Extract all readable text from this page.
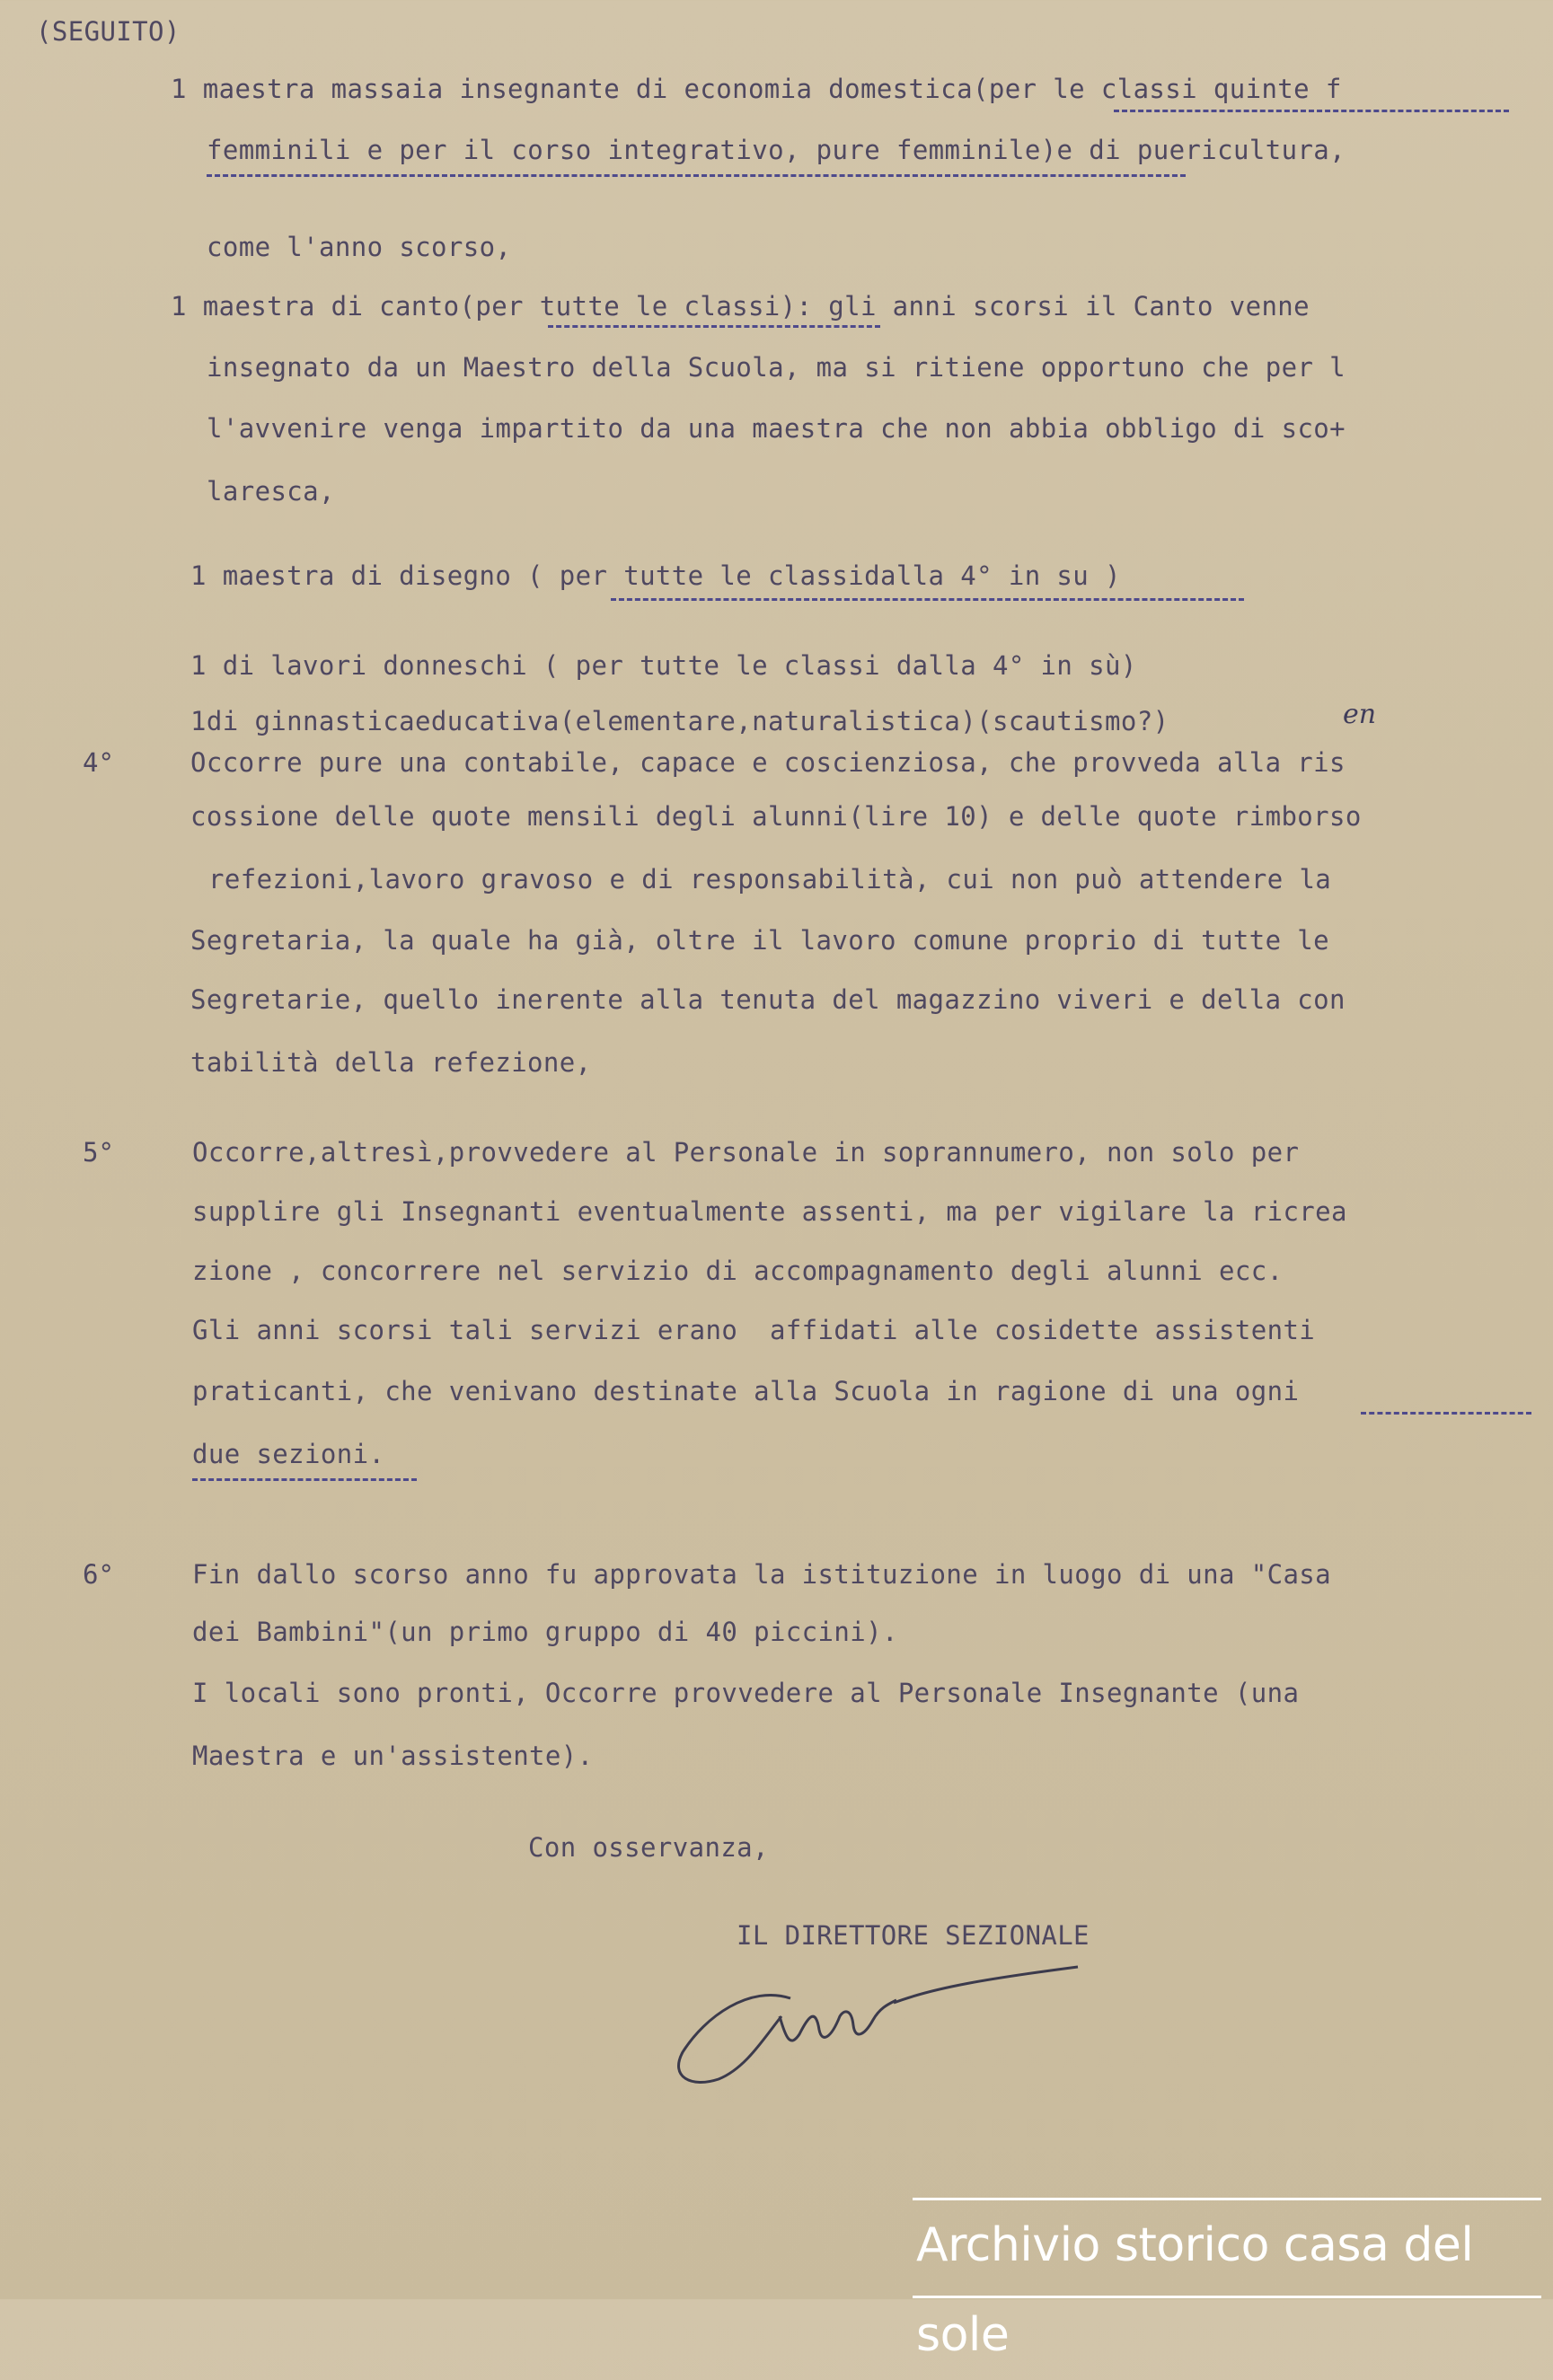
(SEGUITO)
1 maestra massaia insegnante di economia domestica(per le classi quinte f
femminili e per il corso integrativo, pure femminile)e di puericultura,
come l'anno scorso,
1 maestra di canto(per tutte le classi): gli anni scorsi il Canto venne
insegnato da un Maestro della Scuola, ma si ritiene opportuno che per l
l'avvenire venga impartito da una maestra che non abbia obbligo di sco+
laresca,
1 maestra di disegno ( per tutte le classidalla 4° in su )
1 di lavori donneschi ( per tutte le classi dalla 4° in sù)
1di ginnasticaeducativa(elementare,naturalistica)(scautismo?)	en
4°	Occorre pure una contabile, capace e coscienziosa, che provveda alla ris
cossione delle quote mensili degli alunni(lire 10) e delle quote rimborso
refezioni,lavoro gravoso e di responsabilità, cui non può attendere la
Segretaria, la quale ha già, oltre il lavoro comune proprio di tutte le
Segretarie, quello inerente alla tenuta del magazzino viveri e della con
tabilità della refezione,
5°	Occorre,altresì,provvedere al Personale in soprannumero, non solo per
supplire gli Insegnanti eventualmente assenti, ma per vigilare la ricrea
zione , concorrere nel servizio di accompagnamento degli alunni ecc.
Gli anni scorsi tali servizi erano  affidati alle cosidette assistenti
praticanti, che venivano destinate alla Scuola in ragione di una ogni
due sezioni.
6°	Fin dallo scorso anno fu approvata la istituzione in luogo di una "Casa
dei Bambini"(un primo gruppo di 40 piccini).
I locali sono pronti, Occorre provvedere al Personale Insegnante (una
Maestra e un'assistente).
Con osservanza,
IL DIRETTORE SEZIONALE
Archivio storico casa del sole
